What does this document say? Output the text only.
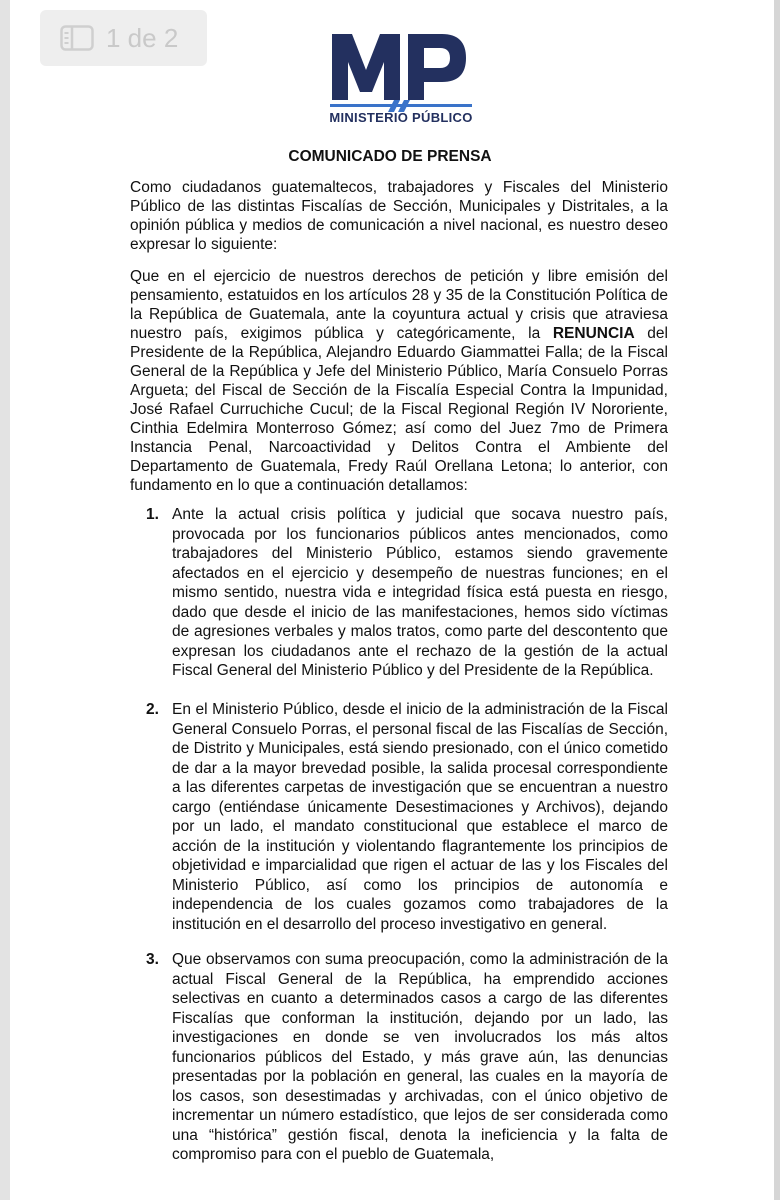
1 de 2
MINISTERIO PÚBLICO
COMUNICADO DE PRENSA
Como ciudadanos guatemaltecos, trabajadores y Fiscales del Ministerio Público de las distintas Fiscalías de Sección, Municipales y Distritales, a la opinión pública y medios de comunicación a nivel nacional, es nuestro deseo expresar lo siguiente:
Que en el ejercicio de nuestros derechos de petición y libre emisión del pensamiento, estatuidos en los artículos 28 y 35 de la Constitución Política de la República de Guatemala, ante la coyuntura actual y crisis que atraviesa nuestro país, exigimos pública y categóricamente, la RENUNCIA del Presidente de la República, Alejandro Eduardo Giammattei Falla; de la Fiscal General de la República y Jefe del Ministerio Público, María Consuelo Porras Argueta; del Fiscal de Sección de la Fiscalía Especial Contra la Impunidad, José Rafael Curruchiche Cucul; de la Fiscal Regional Región IV Nororiente, Cinthia Edelmira Monterroso Gómez; así como del Juez 7mo de Primera Instancia Penal, Narcoactividad y Delitos Contra el Ambiente del Departamento de Guatemala, Fredy Raúl Orellana Letona; lo anterior, con fundamento en lo que a continuación detallamos:
1. Ante la actual crisis política y judicial que socava nuestro país, provocada por los funcionarios públicos antes mencionados, como trabajadores del Ministerio Público, estamos siendo gravemente afectados en el ejercicio y desempeño de nuestras funciones; en el mismo sentido, nuestra vida e integridad física está puesta en riesgo, dado que desde el inicio de las manifestaciones, hemos sido víctimas de agresiones verbales y malos tratos, como parte del descontento que expresan los ciudadanos ante el rechazo de la gestión de la actual Fiscal General del Ministerio Público y del Presidente de la República.
2. En el Ministerio Público, desde el inicio de la administración de la Fiscal General Consuelo Porras, el personal fiscal de las Fiscalías de Sección, de Distrito y Municipales, está siendo presionado, con el único cometido de dar a la mayor brevedad posible, la salida procesal correspondiente a las diferentes carpetas de investigación que se encuentran a nuestro cargo (entiéndase únicamente Desestimaciones y Archivos), dejando por un lado, el mandato constitucional que establece el marco de acción de la institución y violentando flagrantemente los principios de objetividad e imparcialidad que rigen el actuar de las y los Fiscales del Ministerio Público, así como los principios de autonomía e independencia de los cuales gozamos como trabajadores de la institución en el desarrollo del proceso investigativo en general.
3. Que observamos con suma preocupación, como la administración de la actual Fiscal General de la República, ha emprendido acciones selectivas en cuanto a determinados casos a cargo de las diferentes Fiscalías que conforman la institución, dejando por un lado, las investigaciones en donde se ven involucrados los más altos funcionarios públicos del Estado, y más grave aún, las denuncias presentadas por la población en general, las cuales en la mayoría de los casos, son desestimadas y archivadas, con el único objetivo de incrementar un número estadístico, que lejos de ser considerada como una “histórica” gestión fiscal, denota la ineficiencia y la falta de compromiso para con el pueblo de Guatemala,
